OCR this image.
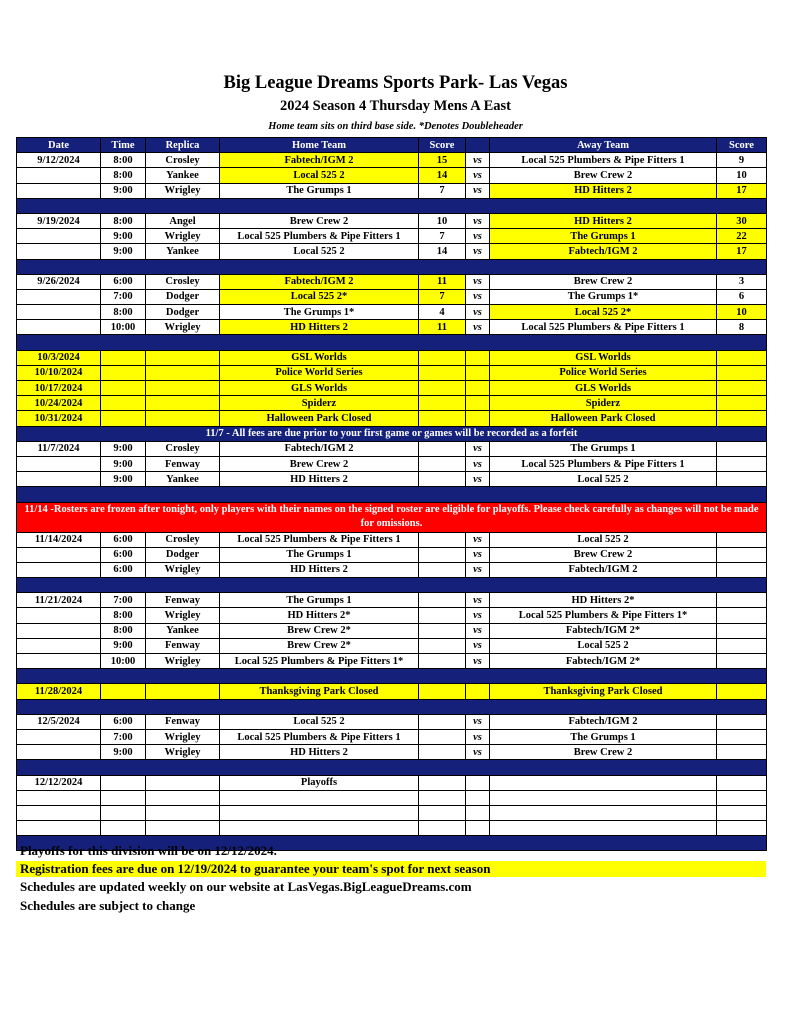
Big League Dreams Sports Park- Las Vegas
2024 Season 4 Thursday Mens A East
Home team sits on third base side. *Denotes Doubleheader
Date	Time	Replica	Home Team	Score		Away Team	Score
9/12/2024	8:00	Crosley	Fabtech/IGM 2	15	vs	Local 525 Plumbers & Pipe Fitters 1	9
	8:00	Yankee	Local 525 2	14	vs	Brew Crew 2	10
	9:00	Wrigley	The Grumps 1	7	vs	HD Hitters 2	17

9/19/2024	8:00	Angel	Brew Crew 2	10	vs	HD Hitters 2	30
	9:00	Wrigley	Local 525 Plumbers & Pipe Fitters 1	7	vs	The Grumps 1	22
	9:00	Yankee	Local 525 2	14	vs	Fabtech/IGM 2	17

9/26/2024	6:00	Crosley	Fabtech/IGM 2	11	vs	Brew Crew 2	3
	7:00	Dodger	Local 525 2*	7	vs	The Grumps 1*	6
	8:00	Dodger	The Grumps 1*	4	vs	Local 525 2*	10
	10:00	Wrigley	HD Hitters 2	11	vs	Local 525 Plumbers & Pipe Fitters 1	8

10/3/2024			GSL Worlds			GSL Worlds	
10/10/2024			Police World Series			Police World Series	
10/17/2024			GLS Worlds			GLS Worlds	
10/24/2024			Spiderz			Spiderz	
10/31/2024			Halloween Park Closed			Halloween Park Closed	
11/7 - All fees are due prior to your first game or games will be recorded as a forfeit							
11/7/2024	9:00	Crosley	Fabtech/IGM 2		vs	The Grumps 1	
	9:00	Fenway	Brew Crew 2		vs	Local 525 Plumbers & Pipe Fitters 1	
	9:00	Yankee	HD Hitters 2		vs	Local 525 2	

11/14 -Rosters are frozen after tonight, only players with their names on the signed roster are eligible for playoffs. Please check carefully as changes will not be made for omissions.							
11/14/2024	6:00	Crosley	Local 525 Plumbers & Pipe Fitters 1		vs	Local 525 2	
	6:00	Dodger	The Grumps 1		vs	Brew Crew 2	
	6:00	Wrigley	HD Hitters 2		vs	Fabtech/IGM 2	

11/21/2024	7:00	Fenway	The Grumps 1		vs	HD Hitters 2*	
	8:00	Wrigley	HD Hitters 2*		vs	Local 525 Plumbers & Pipe Fitters 1*	
	8:00	Yankee	Brew Crew 2*		vs	Fabtech/IGM 2*	
	9:00	Fenway	Brew Crew 2*		vs	Local 525 2	
	10:00	Wrigley	Local 525 Plumbers & Pipe Fitters 1*		vs	Fabtech/IGM 2*	

11/28/2024			Thanksgiving Park Closed			Thanksgiving Park Closed	

12/5/2024	6:00	Fenway	Local 525 2		vs	Fabtech/IGM 2	
	7:00	Wrigley	Local 525 Plumbers & Pipe Fitters 1		vs	The Grumps 1	
	9:00	Wrigley	HD Hitters 2		vs	Brew Crew 2	

12/12/2024			Playoffs				

Playoffs for this division will be on 12/12/2024.
Registration fees are due on 12/19/2024 to guarantee your team's spot for next season
Schedules are updated weekly on our website at LasVegas.BigLeagueDreams.com
Schedules are subject to change
